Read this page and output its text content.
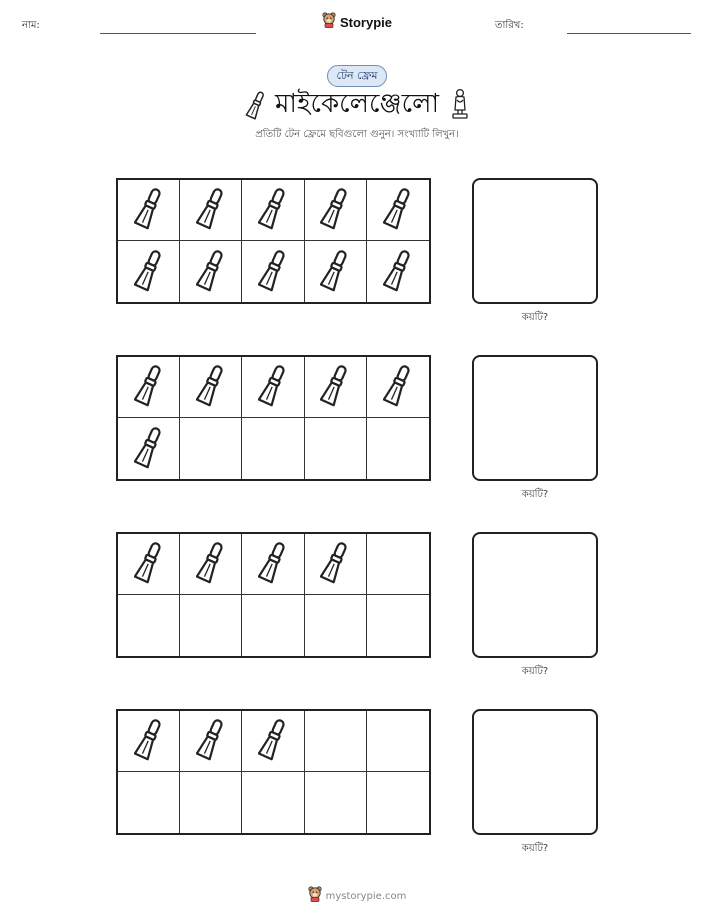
নাম:	Storypie	তারিখ:
টেন ফ্রেম
মাইকেলেঞ্জেলো
প্রতিটি টেন ফ্রেমে ছবিগুলো গুনুন। সংখ্যাটি লিখুন।
কয়টি?
কয়টি?
কয়টি?
কয়টি?
mystorypie.com
